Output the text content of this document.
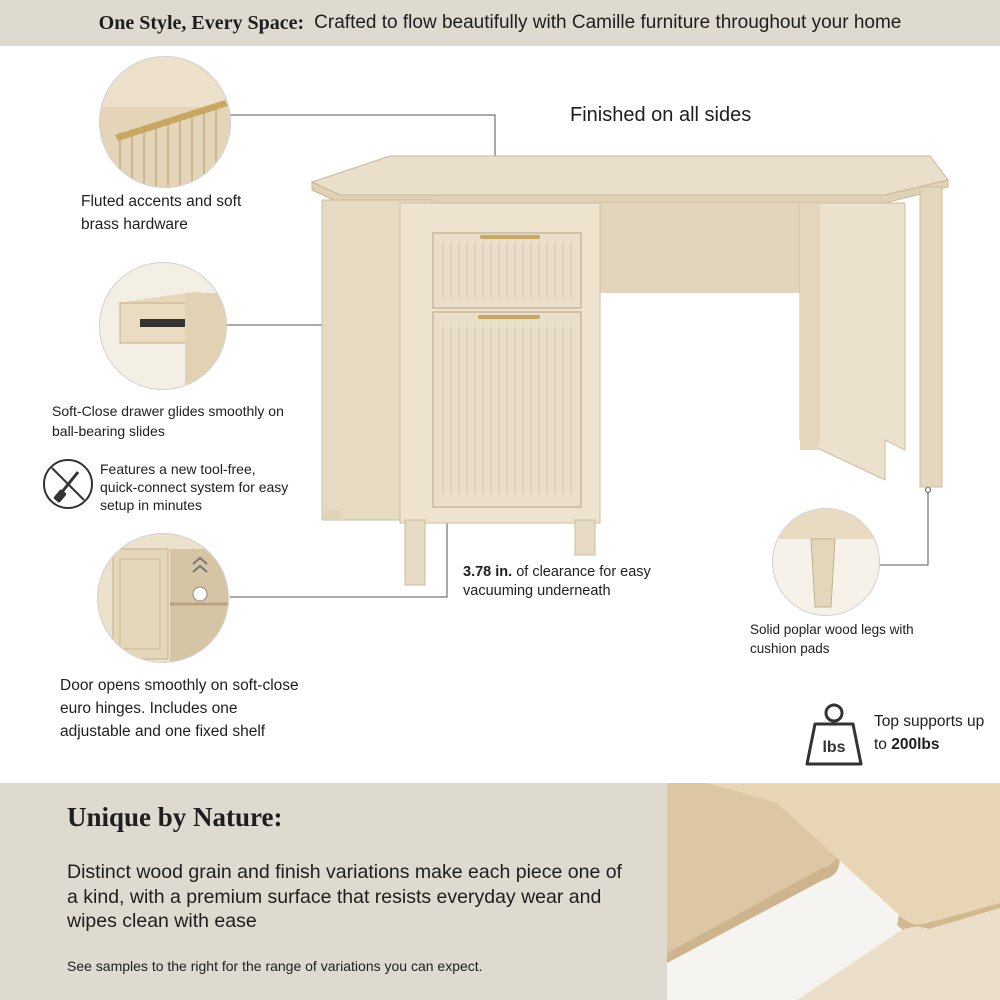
One Style, Every Space: Crafted to flow beautifully with Camille furniture throughout your home
Finished on all sides
Fluted accents and soft brass hardware
Soft-Close drawer glides smoothly on ball-bearing slides
Features a new tool-free, quick-connect system for easy setup in minutes
Door opens smoothly on soft-close euro hinges. Includes one adjustable and one fixed shelf
3.78 in. of clearance for easy vacuuming underneath
Solid poplar wood legs with cushion pads
lbs
Top supports up to 200lbs
Unique by Nature:
Distinct wood grain and finish variations make each piece one of a kind, with a premium surface that resists everyday wear and wipes clean with ease
See samples to the right for the range of variations you can expect.
